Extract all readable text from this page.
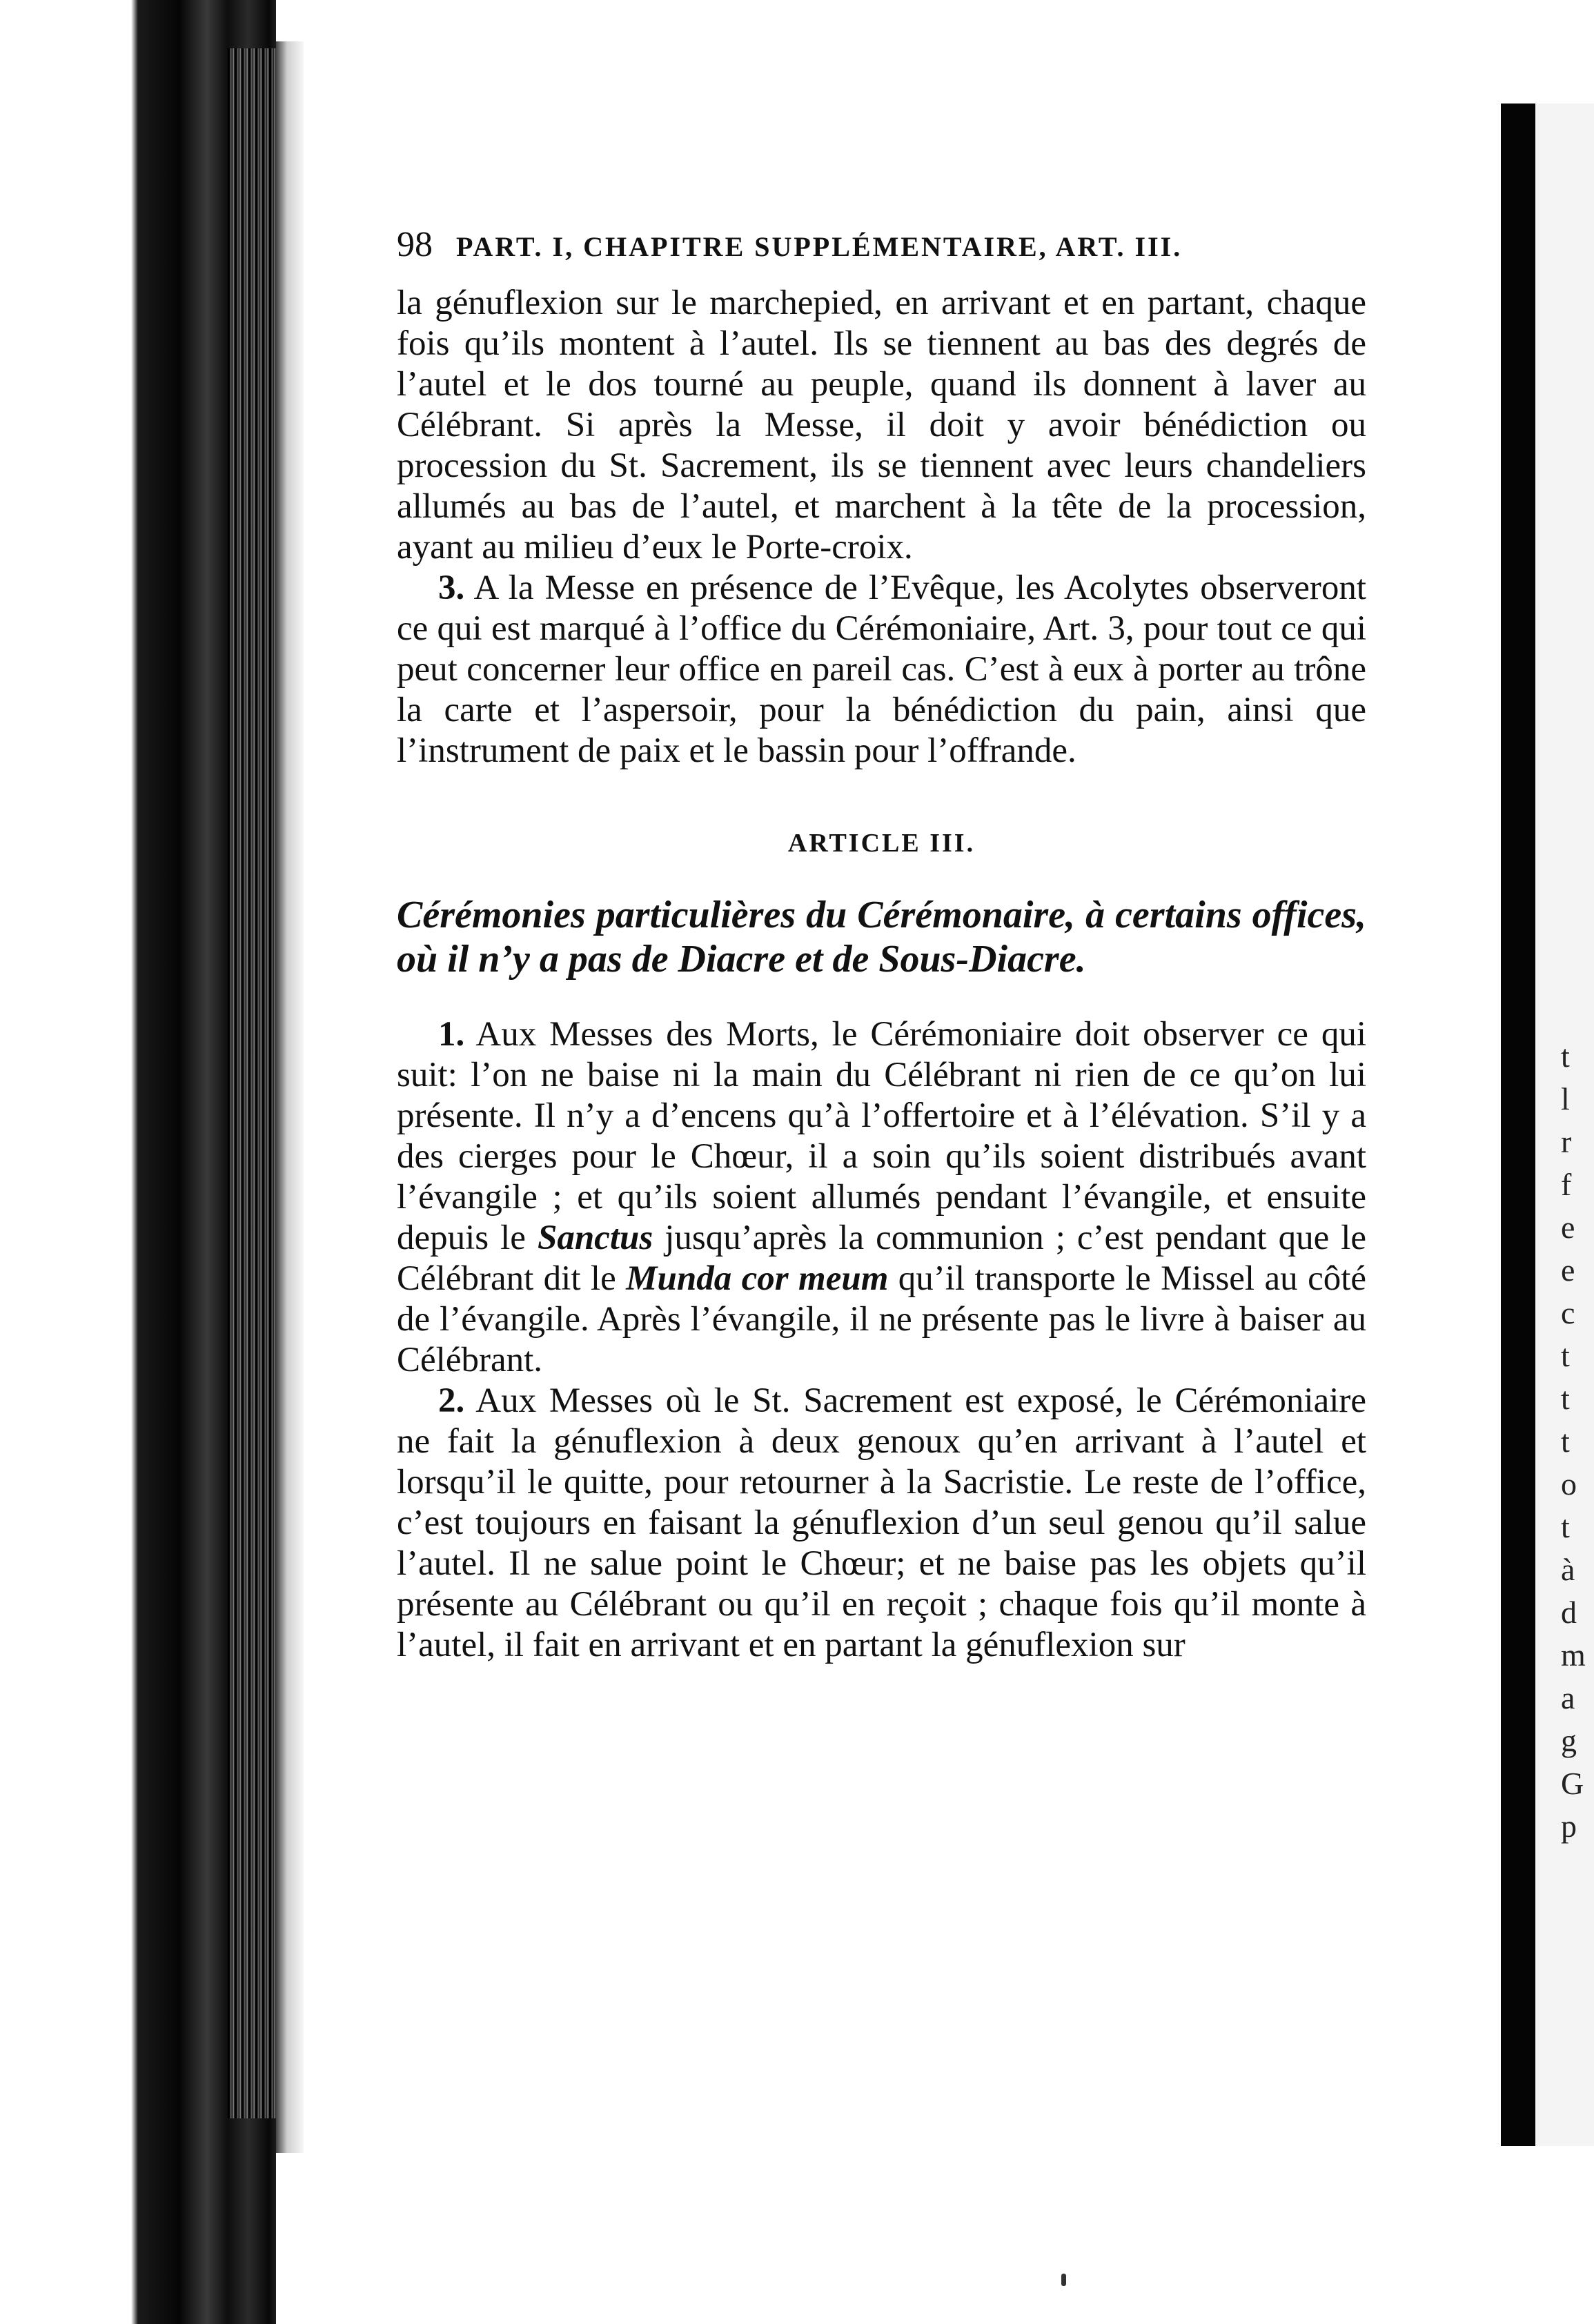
t
l
r
f
e
e
c
t
t
t
o
t
à
d
m
a
g
G
p
98 PART. I, CHAPITRE SUPPLÉMENTAIRE, ART. III.

la génuflexion sur le marchepied, en arrivant et en partant, chaque fois qu’ils montent à l’autel. Ils se tiennent au bas des degrés de l’autel et le dos tourné au peuple, quand ils donnent à laver au Célébrant. Si après la Messe, il doit y avoir bénédiction ou procession du St. Sacrement, ils se tiennent avec leurs chandeliers allumés au bas de l’autel, et marchent à la tête de la procession, ayant au milieu d’eux le Porte-croix.

3. A la Messe en présence de l’Evêque, les Acolytes observeront ce qui est marqué à l’office du Cérémoniaire, Art. 3, pour tout ce qui peut concerner leur office en pareil cas. C’est à eux à porter au trône la carte et l’aspersoir, pour la bénédiction du pain, ainsi que l’instrument de paix et le bassin pour l’offrande.

ARTICLE III.

Cérémonies particulières du Cérémonaire, à certains offices, où il n’y a pas de Diacre et de Sous-Diacre.

1. Aux Messes des Morts, le Cérémoniaire doit observer ce qui suit: l’on ne baise ni la main du Célébrant ni rien de ce qu’on lui présente. Il n’y a d’encens qu’à l’offertoire et à l’élévation. S’il y a des cierges pour le Chœur, il a soin qu’ils soient distribués avant l’évangile ; et qu’ils soient allumés pendant l’évangile, et ensuite depuis le Sanctus jusqu’après la communion ; c’est pendant que le Célébrant dit le Munda cor meum qu’il transporte le Missel au côté de l’évangile. Après l’évangile, il ne présente pas le livre à baiser au Célébrant.

2. Aux Messes où le St. Sacrement est exposé, le Cérémoniaire ne fait la génuflexion à deux genoux qu’en arrivant à l’autel et lorsqu’il le quitte, pour retourner à la Sacristie. Le reste de l’office, c’est toujours en faisant la génuflexion d’un seul genou qu’il salue l’autel. Il ne salue point le Chœur; et ne baise pas les objets qu’il présente au Célébrant ou qu’il en reçoit ; chaque fois qu’il monte à l’autel, il fait en arrivant et en partant la génuflexion sur
